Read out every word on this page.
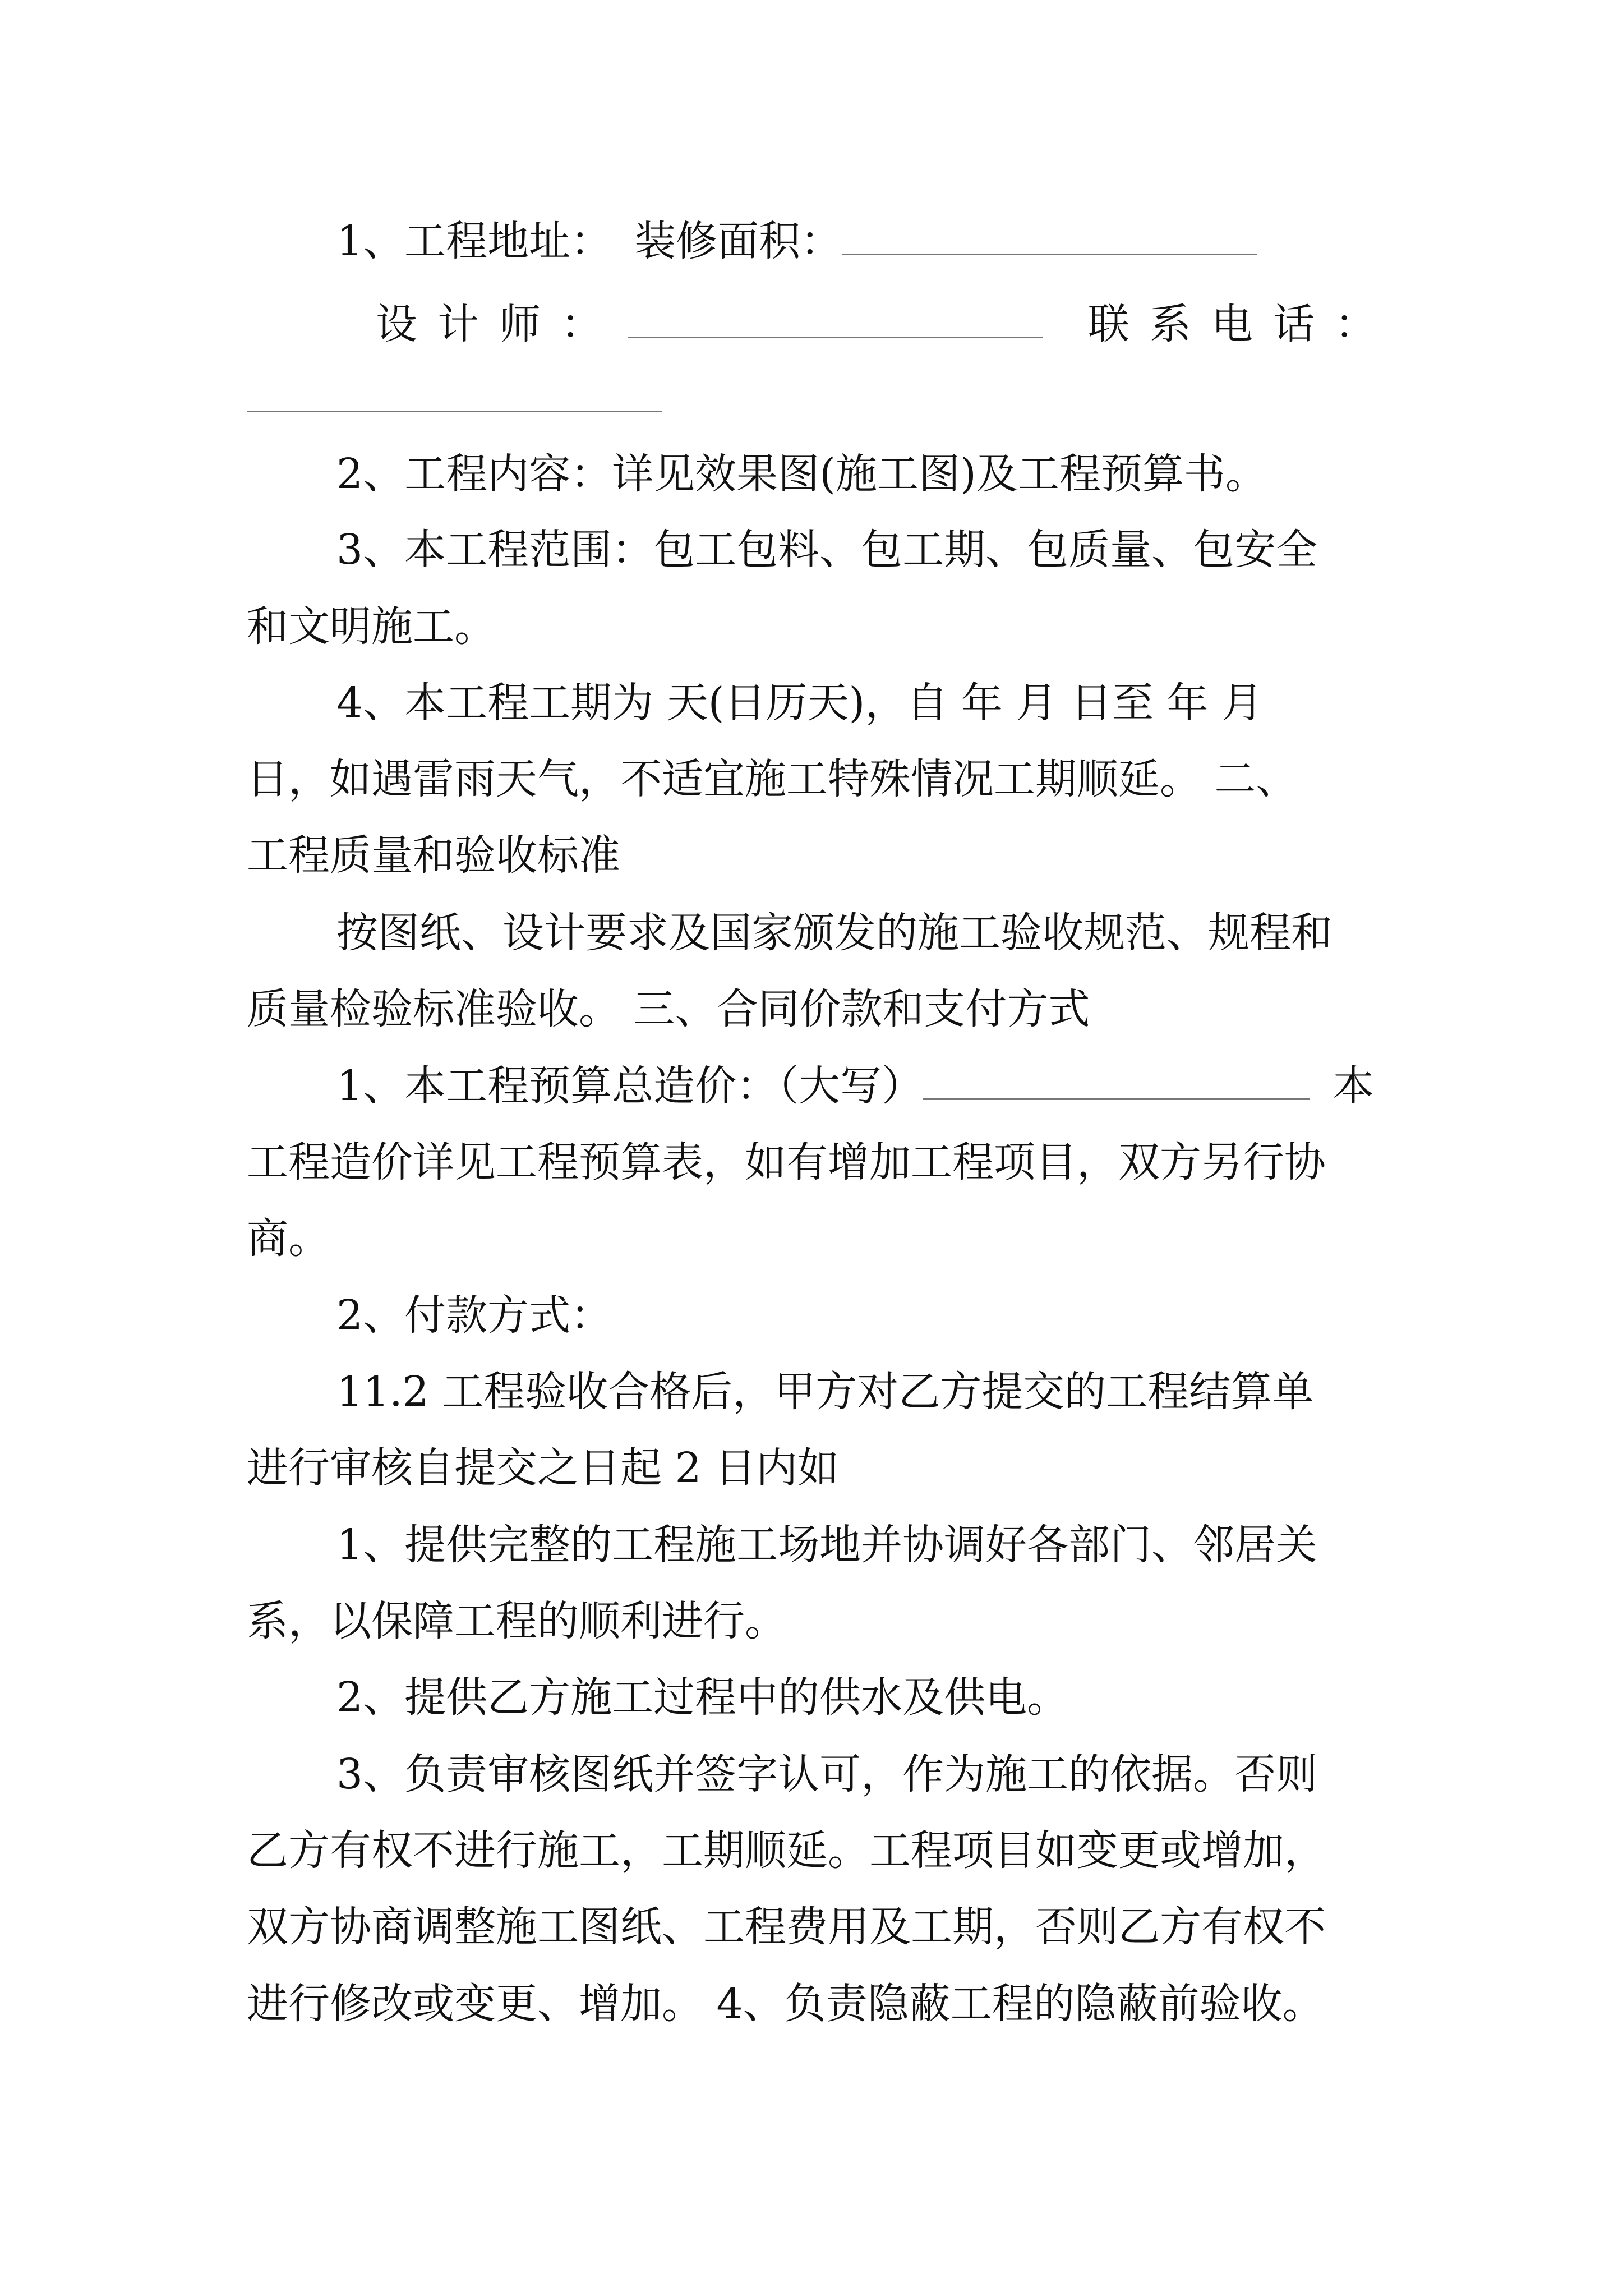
1、工程地址： 装修面积：
设计师：	联系电话：
2、工程内容：详见效果图(施工图)及工程预算书。
3、本工程范围：包工包料、包工期、包质量、包安全
和文明施工。
4、本工程工期为 天(日历天)，自 年 月 日至 年 月
日，如遇雷雨天气，不适宜施工特殊情况工期顺延。 二、
工程质量和验收标准
按图纸、设计要求及国家颁发的施工验收规范、规程和
质量检验标准验收。 三、合同价款和支付方式
1、本工程预算总造价：（大写）	本
工程造价详见工程预算表，如有增加工程项目，双方另行协
商。
2、付款方式：
11.2 工程验收合格后，甲方对乙方提交的工程结算单
进行审核自提交之日起 2 日内如
1、提供完整的工程施工场地并协调好各部门、邻居关
系，以保障工程的顺利进行。
2、提供乙方施工过程中的供水及供电。
3、负责审核图纸并签字认可，作为施工的依据。否则
乙方有权不进行施工，工期顺延。工程项目如变更或增加，
双方协商调整施工图纸、工程费用及工期，否则乙方有权不
进行修改或变更、增加。 4、负责隐蔽工程的隐蔽前验收。
